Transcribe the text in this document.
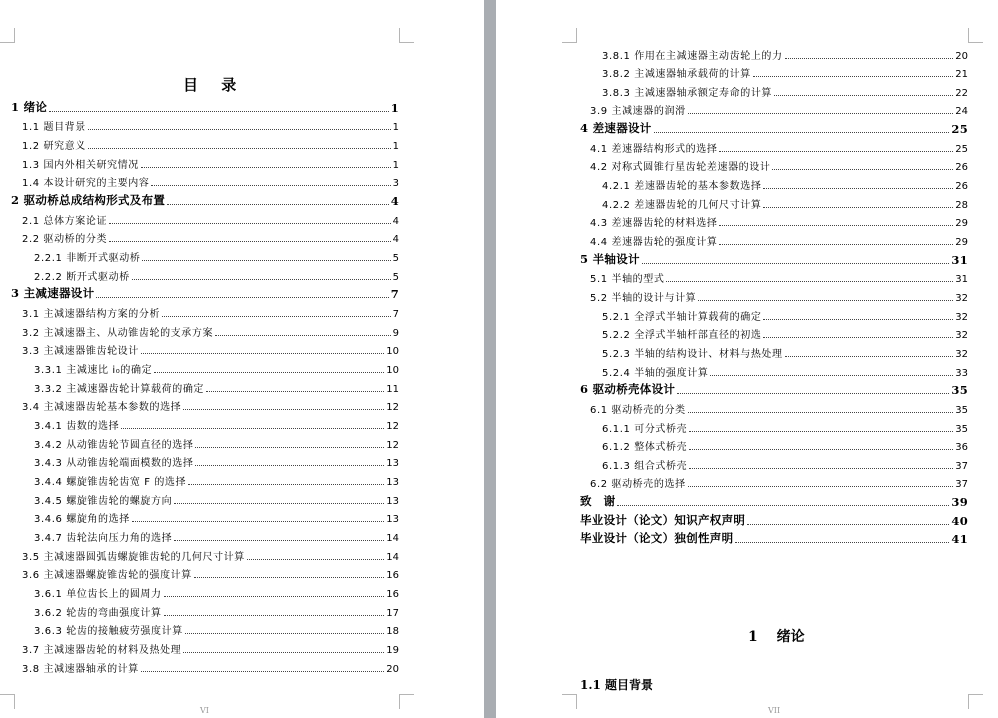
目 录
1 绪论	1
1.1 题目背景	1
1.2 研究意义	1
1.3 国内外相关研究情况	1
1.4 本设计研究的主要内容	3
2 驱动桥总成结构形式及布置	4
2.1 总体方案论证	4
2.2 驱动桥的分类	4
2.2.1 非断开式驱动桥	5
2.2.2 断开式驱动桥	5
3 主减速器设计	7
3.1 主减速器结构方案的分析	7
3.2 主减速器主、从动锥齿轮的支承方案	9
3.3 主减速器锥齿轮设计	10
3.3.1 主减速比 i₀的确定	10
3.3.2 主减速器齿轮计算载荷的确定	11
3.4 主减速器齿轮基本参数的选择	12
3.4.1 齿数的选择	12
3.4.2 从动锥齿轮节圆直径的选择	12
3.4.3 从动锥齿轮端面模数的选择	13
3.4.4 螺旋锥齿轮齿宽 F 的选择	13
3.4.5 螺旋锥齿轮的螺旋方向	13
3.4.6 螺旋角的选择	13
3.4.7 齿轮法向压力角的选择	14
3.5 主减速器圆弧齿螺旋锥齿轮的几何尺寸计算	14
3.6 主减速器螺旋锥齿轮的强度计算	16
3.6.1 单位齿长上的圆周力	16
3.6.2 轮齿的弯曲强度计算	17
3.6.3 轮齿的接触疲劳强度计算	18
3.7 主减速器齿轮的材料及热处理	19
3.8 主减速器轴承的计算	20
VI
3.8.1 作用在主减速器主动齿轮上的力	20
3.8.2 主减速器轴承载荷的计算	21
3.8.3 主减速器轴承额定寿命的计算	22
3.9 主减速器的润滑	24
4 差速器设计	25
4.1 差速器结构形式的选择	25
4.2 对称式圆锥行星齿轮差速器的设计	26
4.2.1 差速器齿轮的基本参数选择	26
4.2.2 差速器齿轮的几何尺寸计算	28
4.3 差速器齿轮的材料选择	29
4.4 差速器齿轮的强度计算	29
5 半轴设计	31
5.1 半轴的型式	31
5.2 半轴的设计与计算	32
5.2.1 全浮式半轴计算载荷的确定	32
5.2.2 全浮式半轴杆部直径的初选	32
5.2.3 半轴的结构设计、材料与热处理	32
5.2.4 半轴的强度计算	33
6 驱动桥壳体设计	35
6.1 驱动桥壳的分类	35
6.1.1 可分式桥壳	35
6.1.2 整体式桥壳	36
6.1.3 组合式桥壳	37
6.2 驱动桥壳的选择	37
致　谢	39
毕业设计（论文）知识产权声明	40
毕业设计（论文）独创性声明	41
1 绪论
1.1 题目背景
VII
